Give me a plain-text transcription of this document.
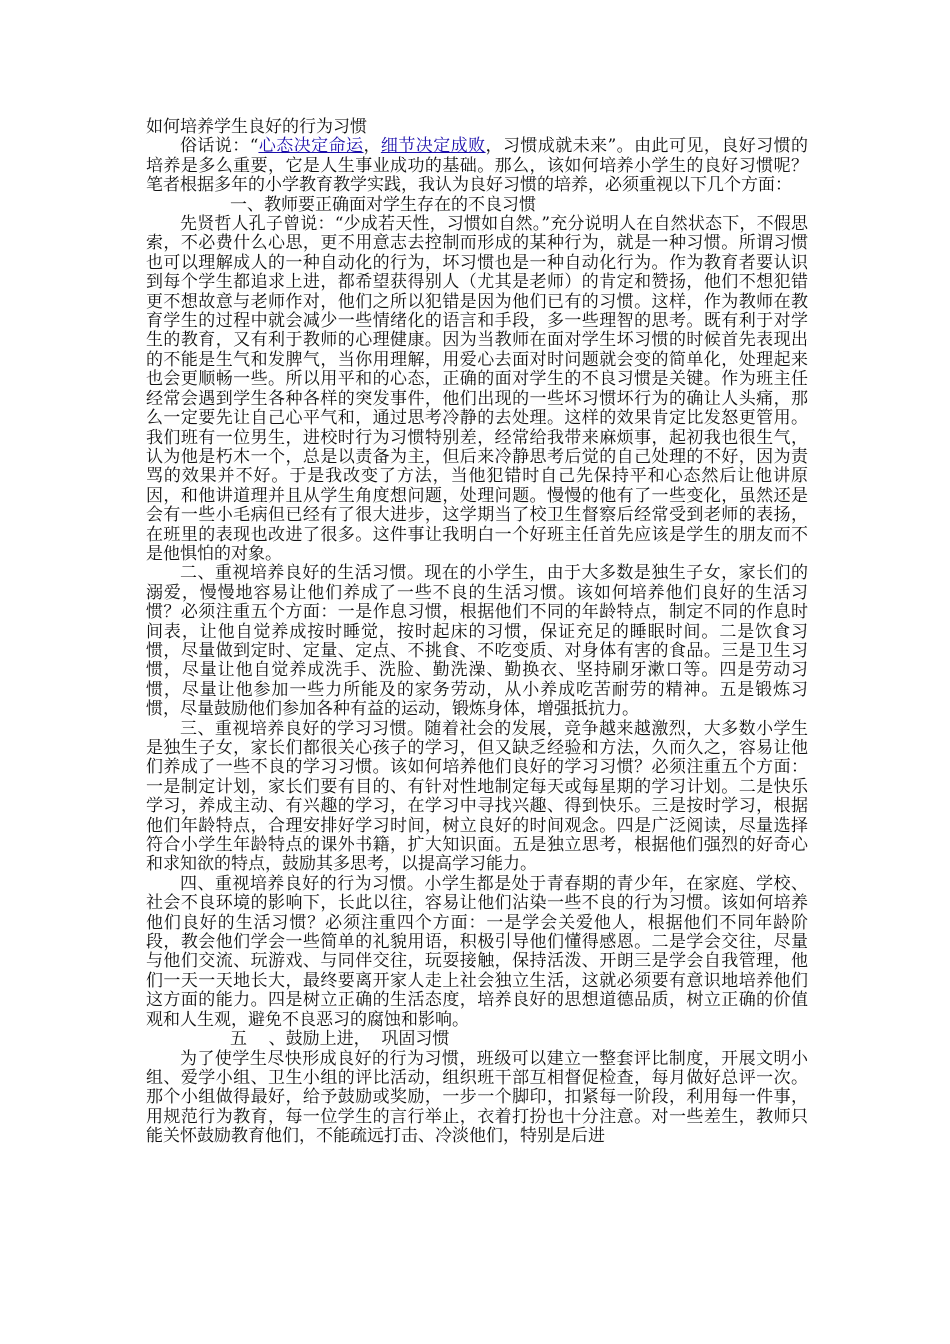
如何培养学生良好的行为习惯

俗话说：“心态决定命运，细节决定成败，习惯成就未来”。由此可见，良好习惯的培养是多么重要，它是人生事业成功的基础。那么，该如何培养小学生的良好习惯呢？笔者根据多年的小学教育教学实践，我认为良好习惯的培养，必须重视以下几个方面：

一、教师要正确面对学生存在的不良习惯

先贤哲人孔子曾说：“少成若天性，习惯如自然。”充分说明人在自然状态下，不假思索，不必费什么心思，更不用意志去控制而形成的某种行为，就是一种习惯。所谓习惯也可以理解成人的一种自动化的行为，坏习惯也是一种自动化行为。作为教育者要认识到每个学生都追求上进，都希望获得别人（尤其是老师）的肯定和赞扬，他们不想犯错更不想故意与老师作对，他们之所以犯错是因为他们已有的习惯。这样，作为教师在教育学生的过程中就会减少一些情绪化的语言和手段，多一些理智的思考。既有利于对学生的教育，又有利于教师的心理健康。因为当教师在面对学生坏习惯的时候首先表现出的不能是生气和发脾气，当你用理解，用爱心去面对时问题就会变的简单化，处理起来也会更顺畅一些。所以用平和的心态，正确的面对学生的不良习惯是关键。作为班主任经常会遇到学生各种各样的突发事件，他们出现的一些坏习惯坏行为的确让人头痛，那么一定要先让自己心平气和，通过思考冷静的去处理。这样的效果肯定比发怒更管用。我们班有一位男生，进校时行为习惯特别差，经常给我带来麻烦事，起初我也很生气，认为他是朽木一个，总是以责备为主，但后来冷静思考后觉的自己处理的不好，因为责骂的效果并不好。于是我改变了方法，当他犯错时自己先保持平和心态然后让他讲原因，和他讲道理并且从学生角度想问题，处理问题。慢慢的他有了一些变化，虽然还是会有一些小毛病但已经有了很大进步，这学期当了校卫生督察后经常受到老师的表扬，在班里的表现也改进了很多。这件事让我明白一个好班主任首先应该是学生的朋友而不是他惧怕的对象。

二、重视培养良好的生活习惯。现在的小学生，由于大多数是独生子女，家长们的溺爱，慢慢地容易让他们养成了一些不良的生活习惯。该如何培养他们良好的生活习惯？必须注重五个方面：一是作息习惯，根据他们不同的年龄特点，制定不同的作息时间表，让他自觉养成按时睡觉，按时起床的习惯，保证充足的睡眠时间。二是饮食习惯，尽量做到定时、定量、定点、不挑食、不吃变质、对身体有害的食品。三是卫生习惯，尽量让他自觉养成洗手、洗脸、勤洗澡、勤换衣、坚持刷牙漱口等。四是劳动习惯，尽量让他参加一些力所能及的家务劳动，从小养成吃苦耐劳的精神。五是锻炼习惯，尽量鼓励他们参加各种有益的运动，锻炼身体，增强抵抗力。

三、重视培养良好的学习习惯。随着社会的发展，竞争越来越激烈，大多数小学生是独生子女，家长们都很关心孩子的学习，但又缺乏经验和方法，久而久之，容易让他们养成了一些不良的学习习惯。该如何培养他们良好的学习习惯？必须注重五个方面：一是制定计划，家长们要有目的、有针对性地制定每天或每星期的学习计划。二是快乐学习，养成主动、有兴趣的学习，在学习中寻找兴趣、得到快乐。三是按时学习，根据他们年龄特点，合理安排好学习时间，树立良好的时间观念。四是广泛阅读，尽量选择符合小学生年龄特点的课外书籍，扩大知识面。五是独立思考，根据他们强烈的好奇心和求知欲的特点，鼓励其多思考，以提高学习能力。

四、重视培养良好的行为习惯。小学生都是处于青春期的青少年，在家庭、学校、社会不良环境的影响下，长此以往，容易让他们沾染一些不良的行为习惯。该如何培养他们良好的生活习惯？必须注重四个方面：一是学会关爱他人，根据他们不同年龄阶段，教会他们学会一些简单的礼貌用语，积极引导他们懂得感恩。二是学会交往，尽量与他们交流、玩游戏、与同伴交往，玩耍接触，保持活泼、开朗三是学会自我管理，他们一天一天地长大，最终要离开家人走上社会独立生活，这就必须要有意识地培养他们这方面的能力。四是树立正确的生活态度，培养良好的思想道德品质，树立正确的价值观和人生观，避免不良恶习的腐蚀和影响。

五    、鼓励上进，  巩固习惯

为了使学生尽快形成良好的行为习惯，班级可以建立一整套评比制度，开展文明小组、爱学小组、卫生小组的评比活动，组织班干部互相督促检查，每月做好总评一次。那个小组做得最好，给予鼓励或奖励，一步一个脚印，扣紧每一阶段，利用每一件事，用规范行为教育，每一位学生的言行举止，衣着打扮也十分注意。对一些差生，教师只能关怀鼓励教育他们，不能疏远打击、冷淡他们，特别是后进
